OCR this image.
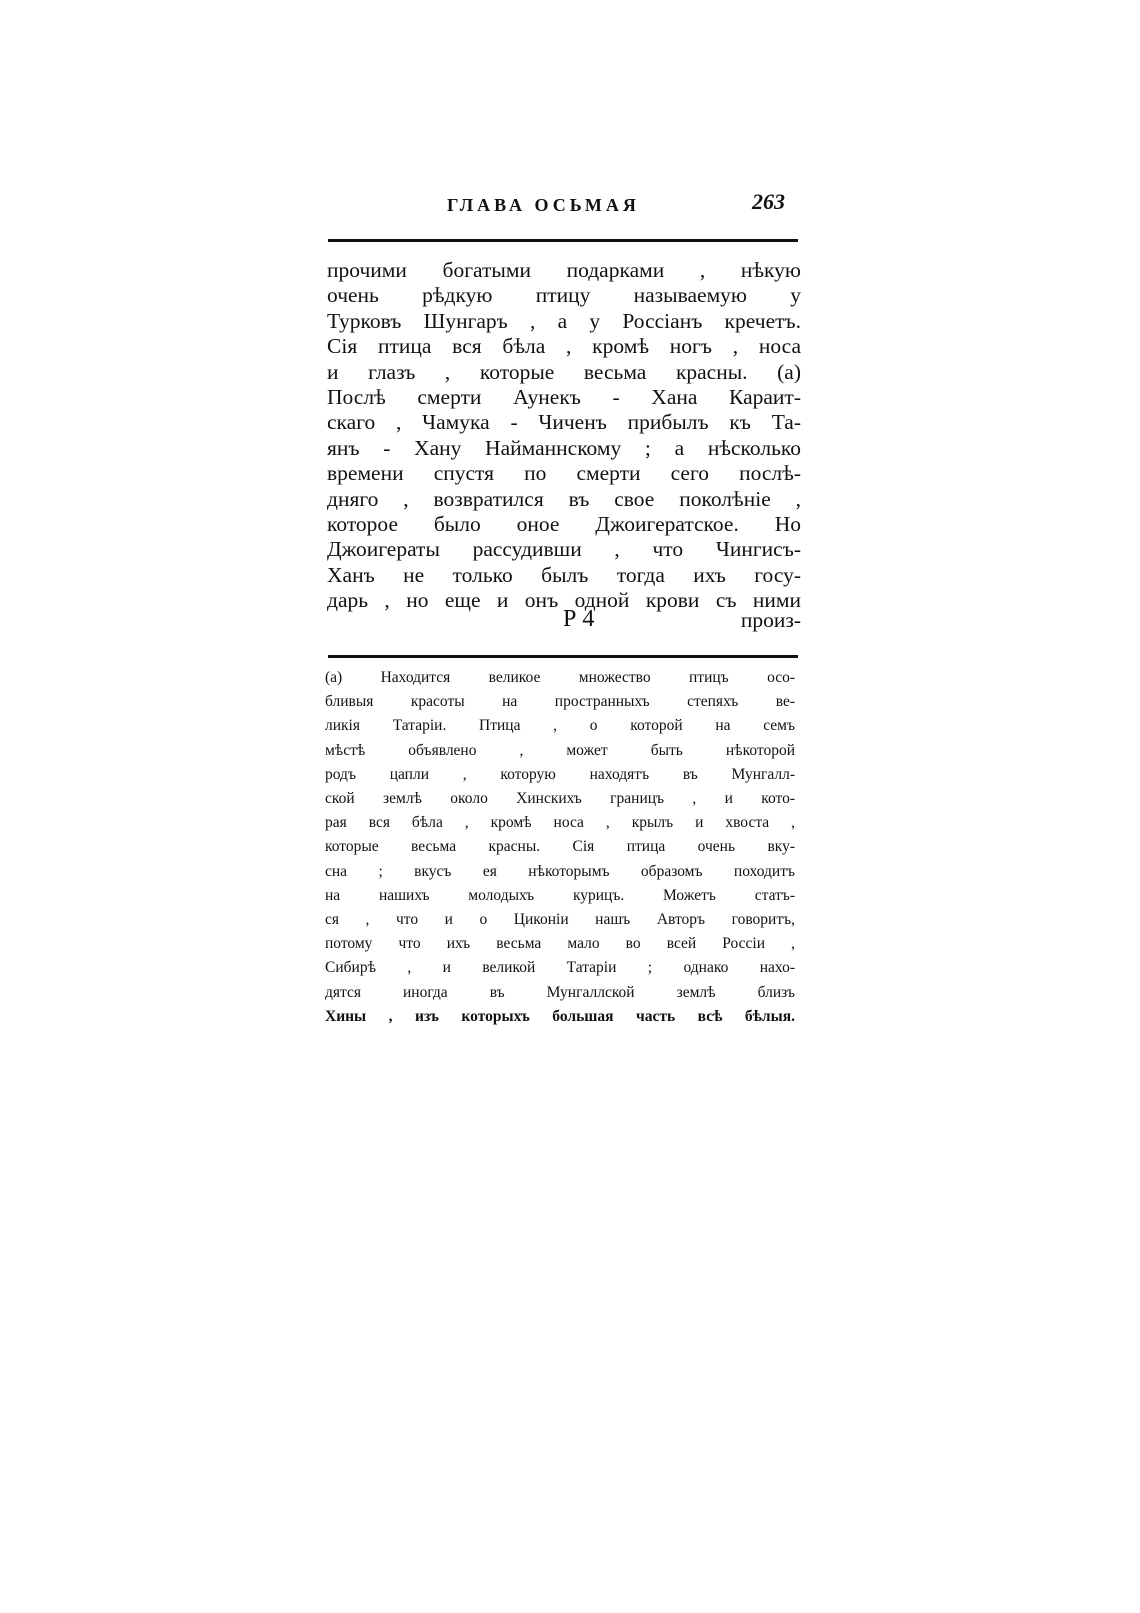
ГЛАВА ОСЬМАЯ	263
прочими богатыми подарками , нѣкую
очень рѣдкую птицу называемую у
Турковъ Шунгаръ , а у Россіанъ кречетъ.
Сія птица вся бѣла , кромѣ ногъ , носа
и глазъ , которые весьма красны. (a)
Послѣ смерти Аунекъ - Хана Караит-
скаго , Чамука - Чиченъ прибылъ къ Та-
янъ - Хану Найманнскому ; а нѣсколько
времени спустя по смерти сего послѣ-
дняго , возвратился въ свое поколѣніе ,
которое было оное Джоигератское. Но
Джоигераты рассудивши , что Чингисъ-
Ханъ не только былъ тогда ихъ госу-
дарь , но еще и онъ одной крови съ ними
Р 4	произ-
(a) Находится великое множество птицъ осо-
бливыя красоты на пространныхъ степяхъ ве-
ликія Татаріи. Птица , о которой на семъ
мѣстѣ объявлено , может быть нѣкоторой
родъ цапли , которую находятъ въ Мунгалл-
ской землѣ около Хинскихъ границъ , и кото-
рая вся бѣла , кромѣ носа , крылъ и хвоста ,
которые весьма красны. Сія птица очень вку-
сна ; вкусъ ея нѣкоторымъ образомъ походитъ
на нашихъ молодыхъ курицъ. Можетъ статъ-
ся , что и о Циконіи нашъ Авторъ говоритъ,
потому что ихъ весьма мало во всей Россіи ,
Сибирѣ , и великой Татаріи ; однако нахо-
дятся иногда въ Мунгаллской землѣ близъ
Хины , изъ которыхъ большая часть всѣ бѣлыя.
